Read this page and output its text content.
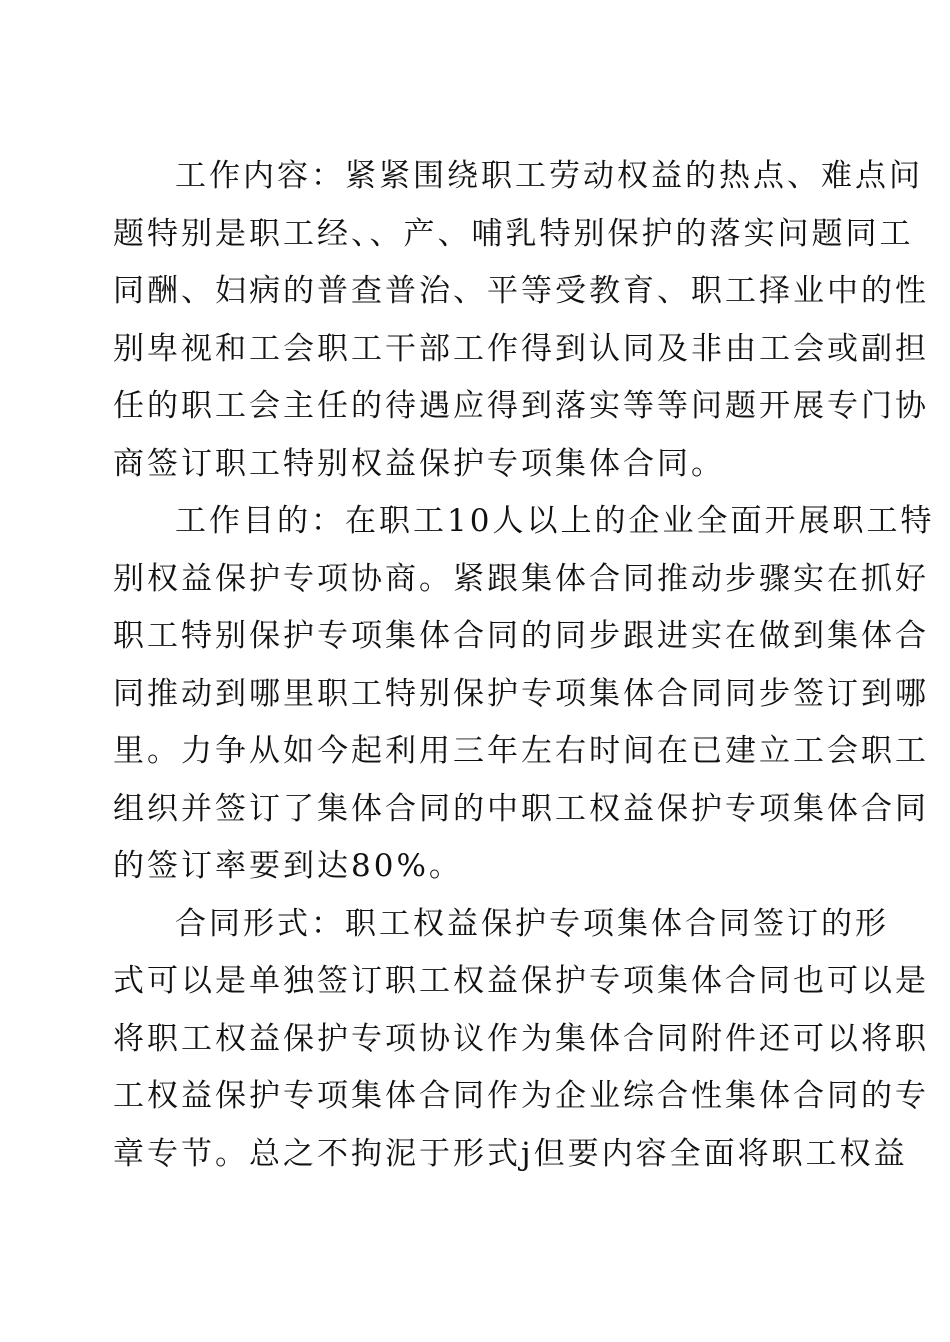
工作内容：紧紧围绕职工劳动权益的热点、难点问
题特别是职工经、、产、哺乳特别保护的落实问题同工
同酬、妇病的普查普治、平等受教育、职工择业中的性
别卑视和工会职工干部工作得到认同及非由工会或副担
任的职工会主任的待遇应得到落实等等问题开展专门协
商签订职工特别权益保护专项集体合同。
工作目的：在职工10人以上的企业全面开展职工特
别权益保护专项协商。紧跟集体合同推动步骤实在抓好
职工特别保护专项集体合同的同步跟进实在做到集体合
同推动到哪里职工特别保护专项集体合同同步签订到哪
里。力争从如今起利用三年左右时间在已建立工会职工
组织并签订了集体合同的中职工权益保护专项集体合同
的签订率要到达80%。
合同形式：职工权益保护专项集体合同签订的形
式可以是单独签订职工权益保护专项集体合同也可以是
将职工权益保护专项协议作为集体合同附件还可以将职
工权益保护专项集体合同作为企业综合性集体合同的专
章专节。总之不拘泥于形式j但要内容全面将职工权益
